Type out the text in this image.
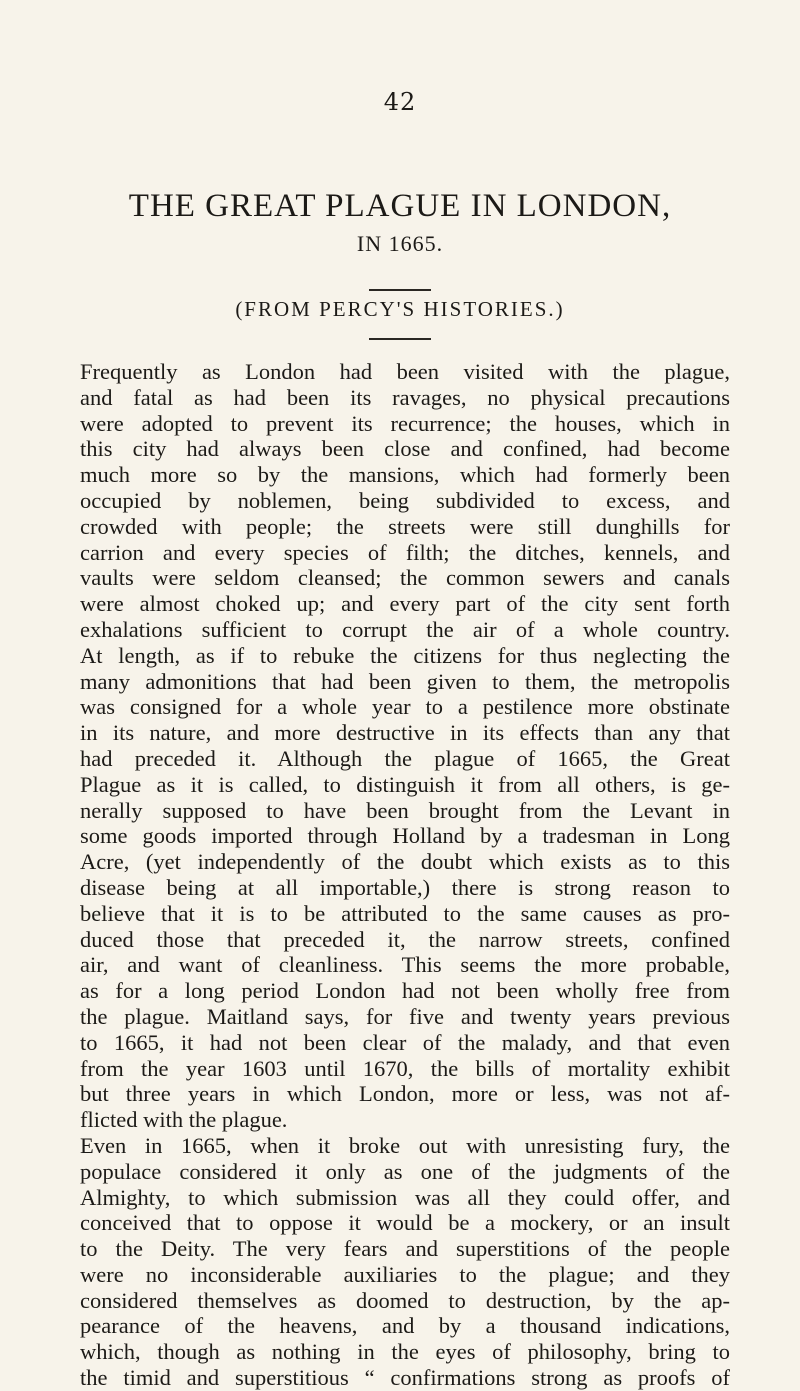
42
THE GREAT PLAGUE IN LONDON,
IN 1665.
(FROM PERCY'S HISTORIES.)
Frequently as London had been visited with the plague,
and fatal as had been its ravages, no physical precautions
were adopted to prevent its recurrence; the houses, which in
this city had always been close and confined, had become
much more so by the mansions, which had formerly been
occupied by noblemen, being subdivided to excess, and
crowded with people; the streets were still dunghills for
carrion and every species of filth; the ditches, kennels, and
vaults were seldom cleansed; the common sewers and canals
were almost choked up; and every part of the city sent forth
exhalations sufficient to corrupt the air of a whole country.
At length, as if to rebuke the citizens for thus neglecting the
many admonitions that had been given to them, the metropolis
was consigned for a whole year to a pestilence more obstinate
in its nature, and more destructive in its effects than any that
had preceded it. Although the plague of 1665, the Great
Plague as it is called, to distinguish it from all others, is ge-
nerally supposed to have been brought from the Levant in
some goods imported through Holland by a tradesman in Long
Acre, (yet independently of the doubt which exists as to this
disease being at all importable,) there is strong reason to
believe that it is to be attributed to the same causes as pro-
duced those that preceded it, the narrow streets, confined
air, and want of cleanliness. This seems the more probable,
as for a long period London had not been wholly free from
the plague. Maitland says, for five and twenty years previous
to 1665, it had not been clear of the malady, and that even
from the year 1603 until 1670, the bills of mortality exhibit
but three years in which London, more or less, was not af-
flicted with the plague.
Even in 1665, when it broke out with unresisting fury, the
populace considered it only as one of the judgments of the
Almighty, to which submission was all they could offer, and
conceived that to oppose it would be a mockery, or an insult
to the Deity. The very fears and superstitions of the people
were no inconsiderable auxiliaries to the plague; and they
considered themselves as doomed to destruction, by the ap-
pearance of the heavens, and by a thousand indications,
which, though as nothing in the eyes of philosophy, bring to
the timid and superstitious “ confirmations strong as proofs of
